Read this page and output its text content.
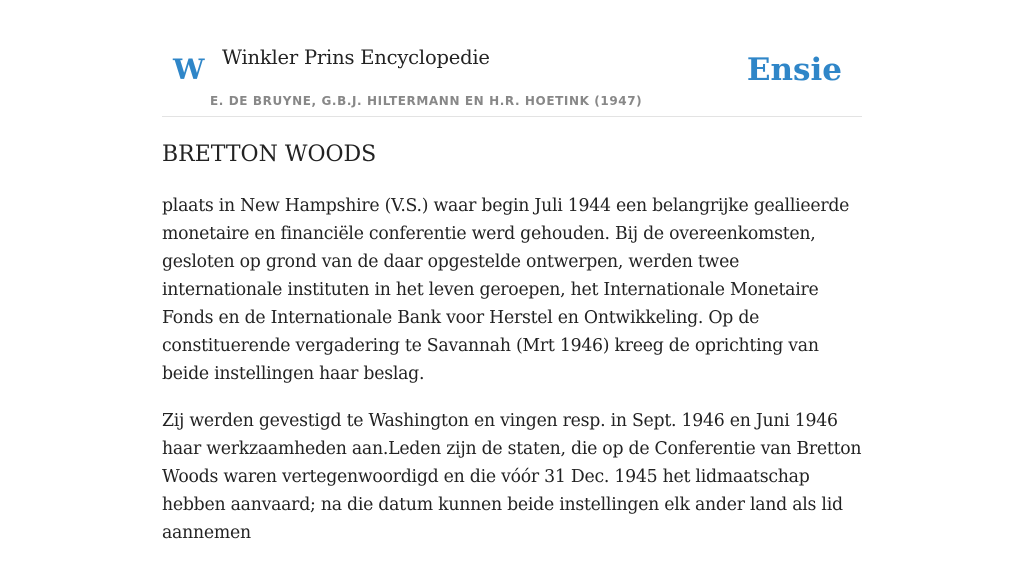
W Winkler Prins Encyclopedie
E. DE BRUYNE, G.B.J. HILTERMANN EN H.R. HOETINK (1947)
Ensie
BRETTON WOODS

plaats in New Hampshire (V.S.) waar begin Juli 1944 een belangrijke geallieerde monetaire en financiële conferentie werd gehouden. Bij de overeenkomsten, gesloten op grond van de daar opgestelde ontwerpen, werden twee internationale instituten in het leven geroepen, het Internationale Monetaire Fonds en de Internationale Bank voor Herstel en Ontwikkeling. Op de constituerende vergadering te Savannah (Mrt 1946) kreeg de oprichting van beide instellingen haar beslag.

Zij werden gevestigd te Washington en vingen resp. in Sept. 1946 en Juni 1946 haar werkzaamheden aan.Leden zijn de staten, die op de Conferentie van Bretton Woods waren vertegenwoordigd en die vóór 31 Dec. 1945 het lidmaatschap hebben aanvaard; na die datum kunnen beide instellingen elk ander land als lid aannemen
